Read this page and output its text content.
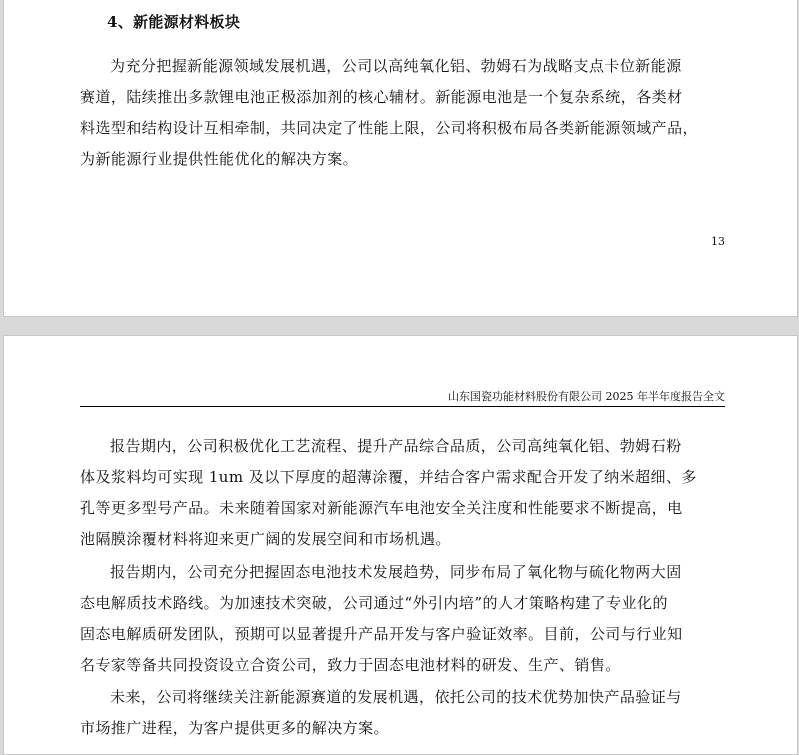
4、新能源材料板块

为充分把握新能源领域发展机遇，公司以高纯氧化铝、勃姆石为战略支点卡位新能源
赛道，陆续推出多款锂电池正极添加剂的核心辅材。新能源电池是一个复杂系统，各类材
料选型和结构设计互相牵制，共同决定了性能上限，公司将积极布局各类新能源领域产品，
为新能源行业提供性能优化的解决方案。

13
山东国瓷功能材料股份有限公司 2025 年半年度报告全文

报告期内，公司积极优化工艺流程、提升产品综合品质，公司高纯氧化铝、勃姆石粉
体及浆料均可实现 1um 及以下厚度的超薄涂覆，并结合客户需求配合开发了纳米超细、多
孔等更多型号产品。未来随着国家对新能源汽车电池安全关注度和性能要求不断提高，电
池隔膜涂覆材料将迎来更广阔的发展空间和市场机遇。

报告期内，公司充分把握固态电池技术发展趋势，同步布局了氧化物与硫化物两大固
态电解质技术路线。为加速技术突破，公司通过“外引内培”的人才策略构建了专业化的
固态电解质研发团队，预期可以显著提升产品开发与客户验证效率。目前，公司与行业知
名专家等备共同投资设立合资公司，致力于固态电池材料的研发、生产、销售。

未来，公司将继续关注新能源赛道的发展机遇，依托公司的技术优势加快产品验证与
市场推广进程，为客户提供更多的解决方案。
